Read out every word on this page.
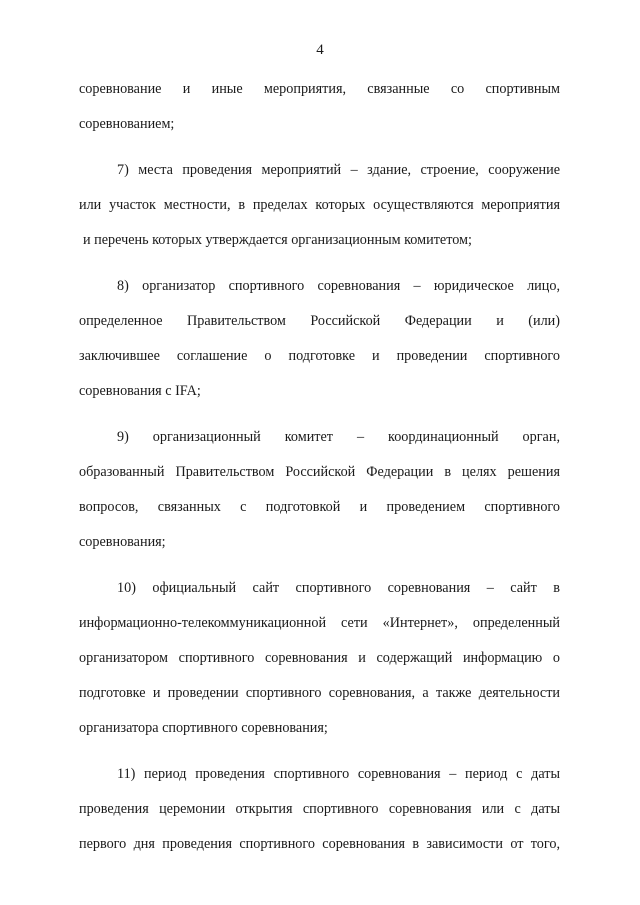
4
соревнование и иные мероприятия, связанные со спортивным
соревнованием;
7) места проведения мероприятий – здание, строение, сооружение
или участок местности, в пределах которых осуществляются мероприятия
и перечень которых утверждается организационным комитетом;
8) организатор спортивного соревнования – юридическое лицо,
определенное Правительством Российской Федерации и (или)
заключившее соглашение о подготовке и проведении спортивного
соревнования с IFA;
9) организационный комитет – координационный орган,
образованный Правительством Российской Федерации в целях решения
вопросов, связанных с подготовкой и проведением спортивного
соревнования;
10) официальный сайт спортивного соревнования – сайт в
информационно-телекоммуникационной сети «Интернет», определенный
организатором спортивного соревнования и содержащий информацию о
подготовке и проведении спортивного соревнования, а также деятельности
организатора спортивного соревнования;
11) период проведения спортивного соревнования – период с даты
проведения церемонии открытия спортивного соревнования или с даты
первого дня проведения спортивного соревнования в зависимости от того,
